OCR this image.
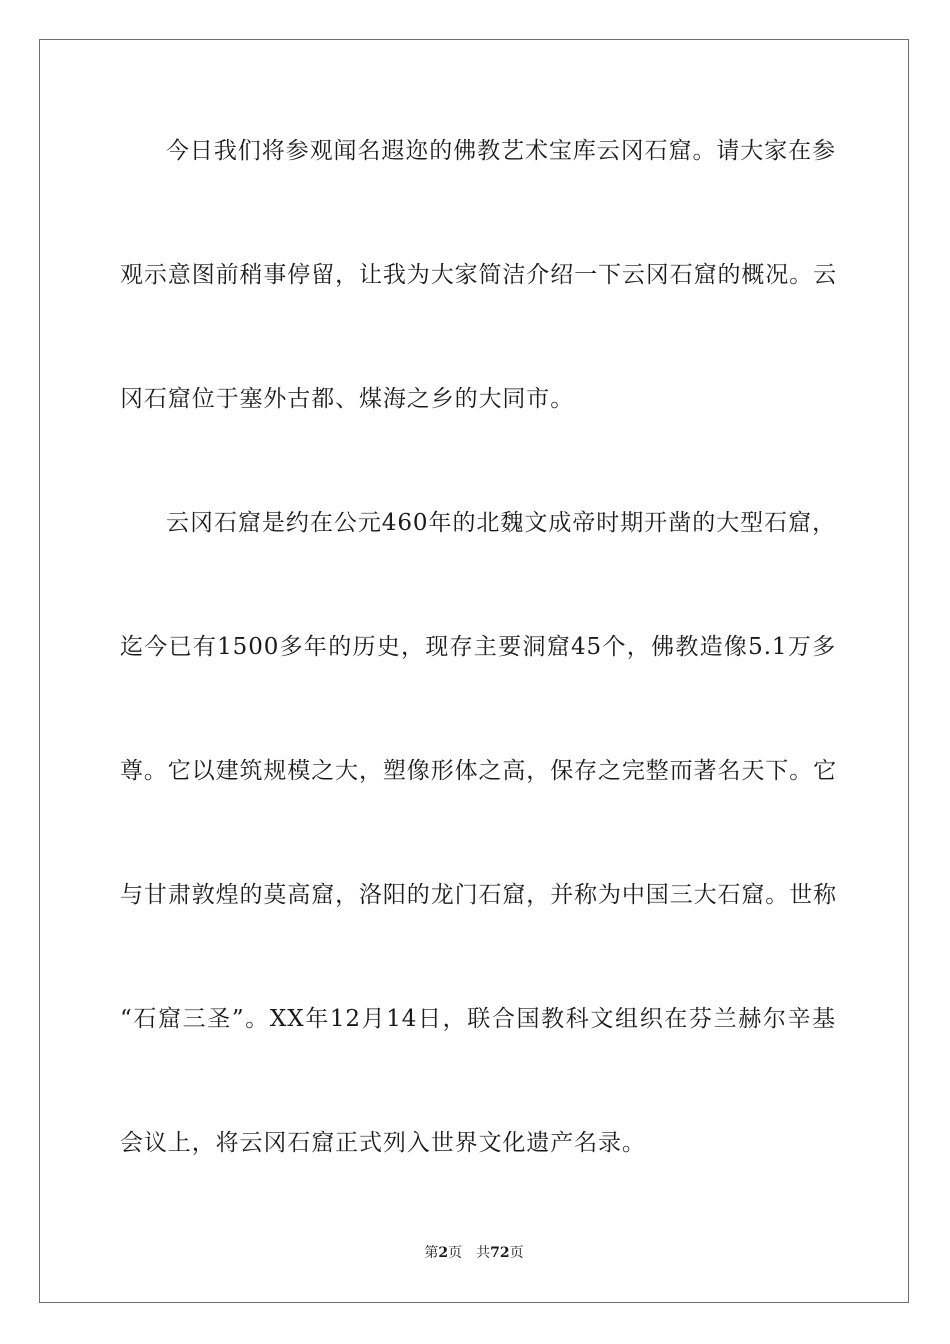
今日我们将参观闻名遐迩的佛教艺术宝库云冈石窟。请大家在参
观示意图前稍事停留，让我为大家简洁介绍一下云冈石窟的概况。云
冈石窟位于塞外古都、煤海之乡的大同市。
云冈石窟是约在公元460年的北魏文成帝时期开凿的大型石窟，
迄今已有1500多年的历史，现存主要洞窟45个，佛教造像5.1万多
尊。它以建筑规模之大，塑像形体之高，保存之完整而著名天下。它
与甘肃敦煌的莫高窟，洛阳的龙门石窟，并称为中国三大石窟。世称
“石窟三圣”。XX年12月14日，联合国教科文组织在芬兰赫尔辛基
会议上，将云冈石窟正式列入世界文化遗产名录。
第2页 共72页
